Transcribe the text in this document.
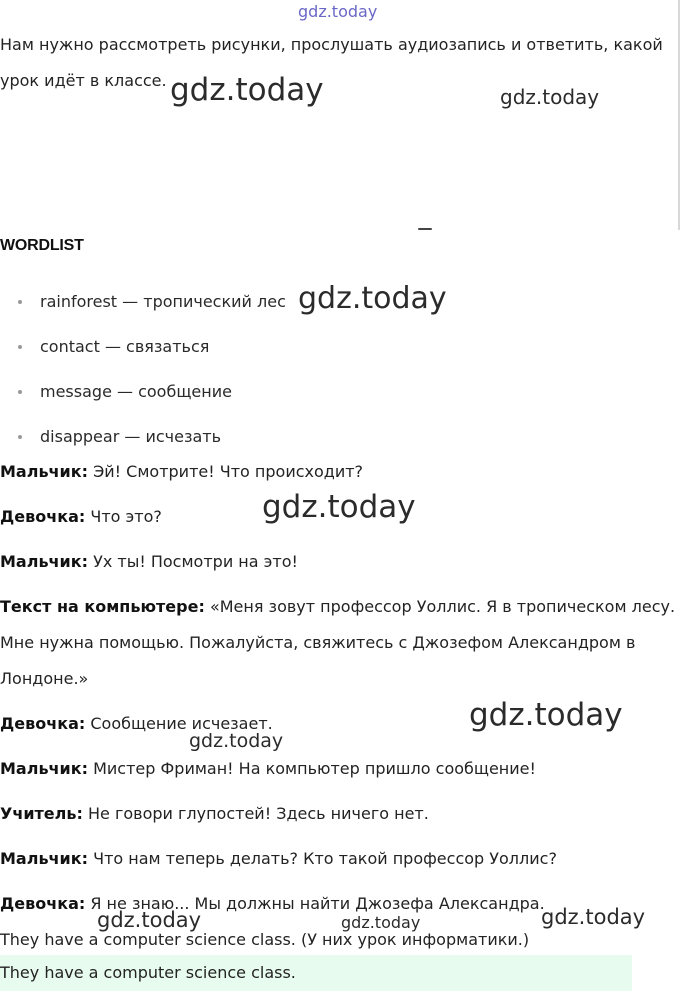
gdz.today
Нам нужно рассмотреть рисунки, прослушать аудиозапись и ответить, какой
урок идёт в классе.
WORDLIST
rainforest — тропический лес
contact — связаться
message — сообщение
disappear — исчезать
Мальчик: Эй! Смотрите! Что происходит?
Девочка: Что это?
Мальчик: Ух ты! Посмотри на это!
Текст на компьютере: «Меня зовут профессор Уоллис. Я в тропическом лесу.
Мне нужна помощью. Пожалуйста, свяжитесь с Джозефом Александром в
Лондоне.»
Девочка: Сообщение исчезает.
Мальчик: Мистер Фриман! На компьютер пришло сообщение!
Учитель: Не говори глупостей! Здесь ничего нет.
Мальчик: Что нам теперь делать? Кто такой профессор Уоллис?
Девочка: Я не знаю... Мы должны найти Джозефа Александра.
They have a computer science class. (У них урок информатики.)
They have a computer science class.
gdz.today	gdz.today
gdz.today
gdz.today
gdz.today
gdz.today
gdz.today	gdz.today	gdz.today
